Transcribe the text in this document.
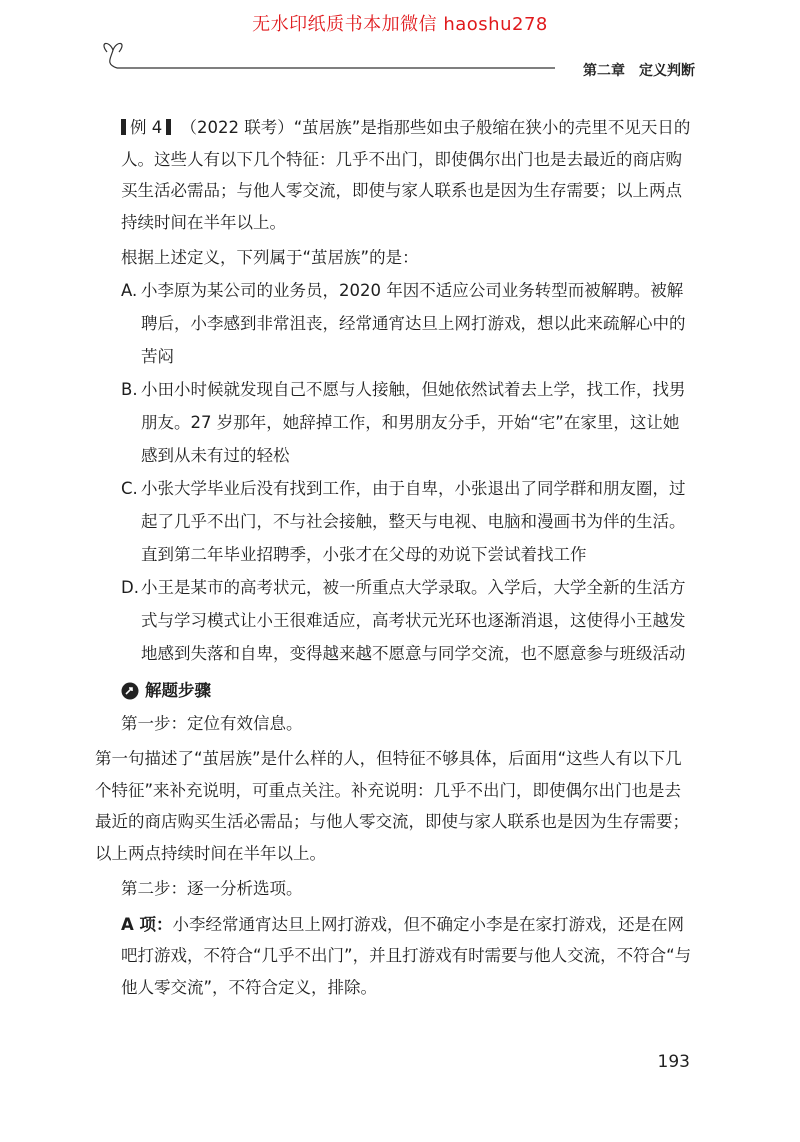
无水印纸质书本加微信 haoshu278
第二章 定义判断

例 4 （2022 联考）“茧居族”是指那些如虫子般缩在狭小的壳里不见天日的人。这些人有以下几个特征：几乎不出门，即使偶尔出门也是去最近的商店购买生活必需品；与他人零交流，即使与家人联系也是因为生存需要；以上两点持续时间在半年以上。

根据上述定义，下列属于“茧居族”的是：

A. 小李原为某公司的业务员，2020 年因不适应公司业务转型而被解聘。被解聘后，小李感到非常沮丧，经常通宵达旦上网打游戏，想以此来疏解心中的苦闷
B. 小田小时候就发现自己不愿与人接触，但她依然试着去上学，找工作，找男朋友。27 岁那年，她辞掉工作，和男朋友分手，开始“宅”在家里，这让她感到从未有过的轻松
C. 小张大学毕业后没有找到工作，由于自卑，小张退出了同学群和朋友圈，过起了几乎不出门，不与社会接触，整天与电视、电脑和漫画书为伴的生活。直到第二年毕业招聘季，小张才在父母的劝说下尝试着找工作
D. 小王是某市的高考状元，被一所重点大学录取。入学后，大学全新的生活方式与学习模式让小王很难适应，高考状元光环也逐渐消退，这使得小王越发地感到失落和自卑，变得越来越不愿意与同学交流，也不愿意参与班级活动
解题步骤

第一步：定位有效信息。

第一句描述了“茧居族”是什么样的人，但特征不够具体，后面用“这些人有以下几个特征”来补充说明，可重点关注。补充说明：几乎不出门，即使偶尔出门也是去最近的商店购买生活必需品；与他人零交流，即使与家人联系也是因为生存需要；以上两点持续时间在半年以上。

第二步：逐一分析选项。

A 项：小李经常通宵达旦上网打游戏，但不确定小李是在家打游戏，还是在网吧打游戏，不符合“几乎不出门”，并且打游戏有时需要与他人交流，不符合“与他人零交流”，不符合定义，排除。

193
